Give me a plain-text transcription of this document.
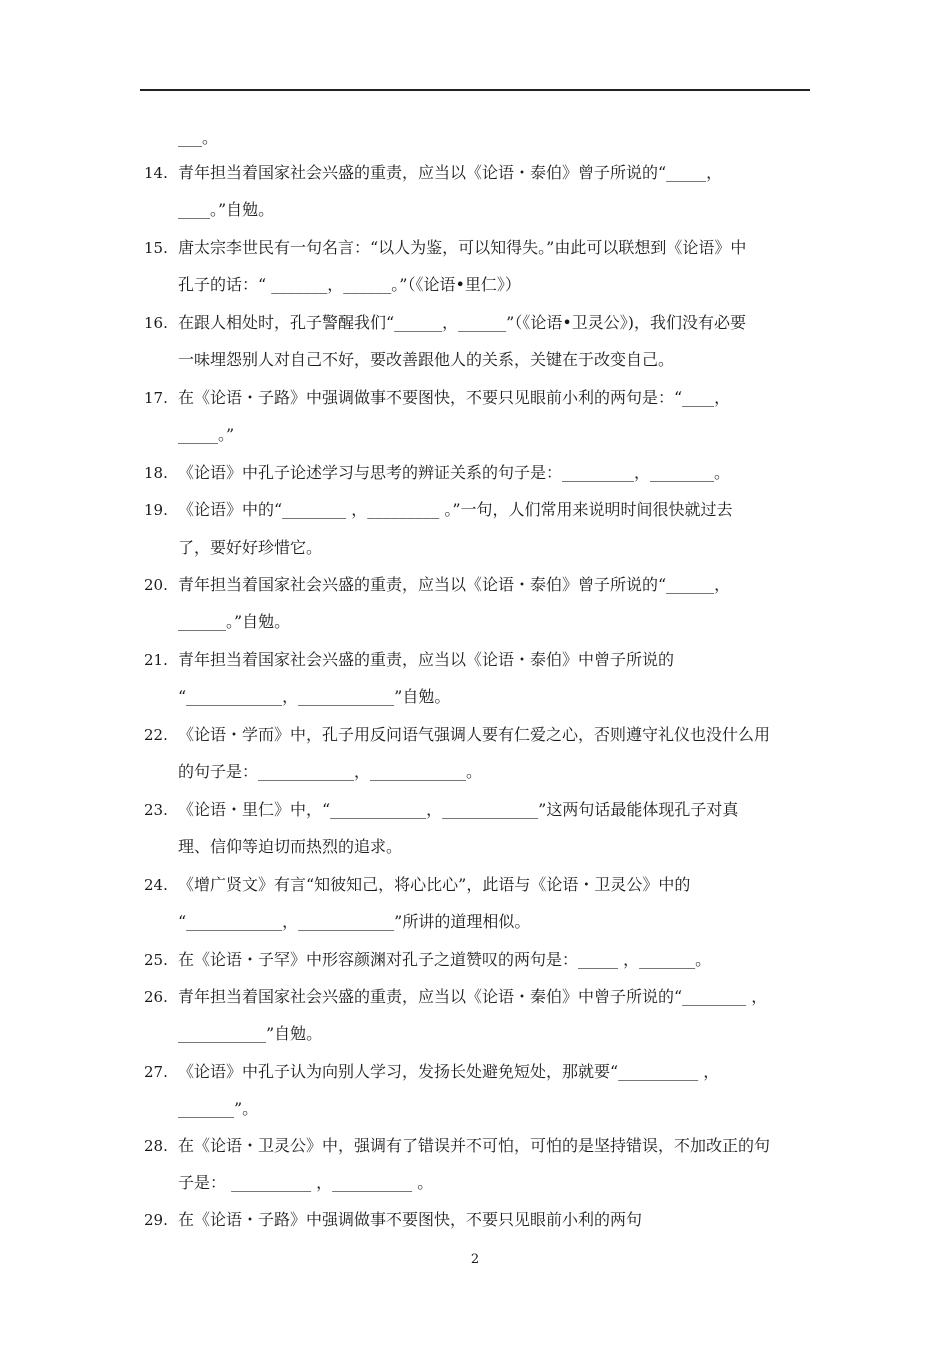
___。
14. 青年担当着国家社会兴盛的重责，应当以《论语・泰伯》曾子所说的“_____，
____。”自勉。
15. 唐太宗李世民有一句名言：“以人为鉴，可以知得失。”由此可以联想到《论语》中
孔子的话：“ _______，______。”（《论语•里仁》）
16. 在跟人相处时，孔子警醒我们“______，______”（《论语•卫灵公》)，我们没有必要
一味埋怨别人对自己不好，要改善跟他人的关系，关键在于改变自己。
17. 在《论语・子路》中强调做事不要图快，不要只见眼前小利的两句是：“____，
_____。”
18. 《论语》中孔子论述学习与思考的辨证关系的句子是：_________，________。
19. 《论语》中的“________ ，_________ 。”一句，人们常用来说明时间很快就过去
了，要好好珍惜它。
20. 青年担当着国家社会兴盛的重责，应当以《论语・泰伯》曾子所说的“______，
______。”自勉。
21. 青年担当着国家社会兴盛的重责，应当以《论语・泰伯》中曾子所说的
“____________，____________”自勉。
22. 《论语・学而》中，孔子用反问语气强调人要有仁爱之心，否则遵守礼仪也没什么用
的句子是：____________，____________。
23. 《论语・里仁》中，“____________，____________”这两句话最能体现孔子对真
理、信仰等迫切而热烈的追求。
24. 《增广贤文》有言“知彼知己，将心比心”，此语与《论语・卫灵公》中的
“____________，____________”所讲的道理相似。
25. 在《论语・子罕》中形容颜渊对孔子之道赞叹的两句是：_____ ，_______。
26. 青年担当着国家社会兴盛的重责，应当以《论语・秦伯》中曾子所说的“________ ，
___________”自勉。
27. 《论语》中孔子认为向别人学习，发扬长处避免短处，那就要“__________ ，
_______”。
28. 在《论语・卫灵公》中，强调有了错误并不可怕，可怕的是坚持错误，不加改正的句
子是： __________ ，__________ 。
29. 在《论语・子路》中强调做事不要图快，不要只见眼前小利的两句
2
